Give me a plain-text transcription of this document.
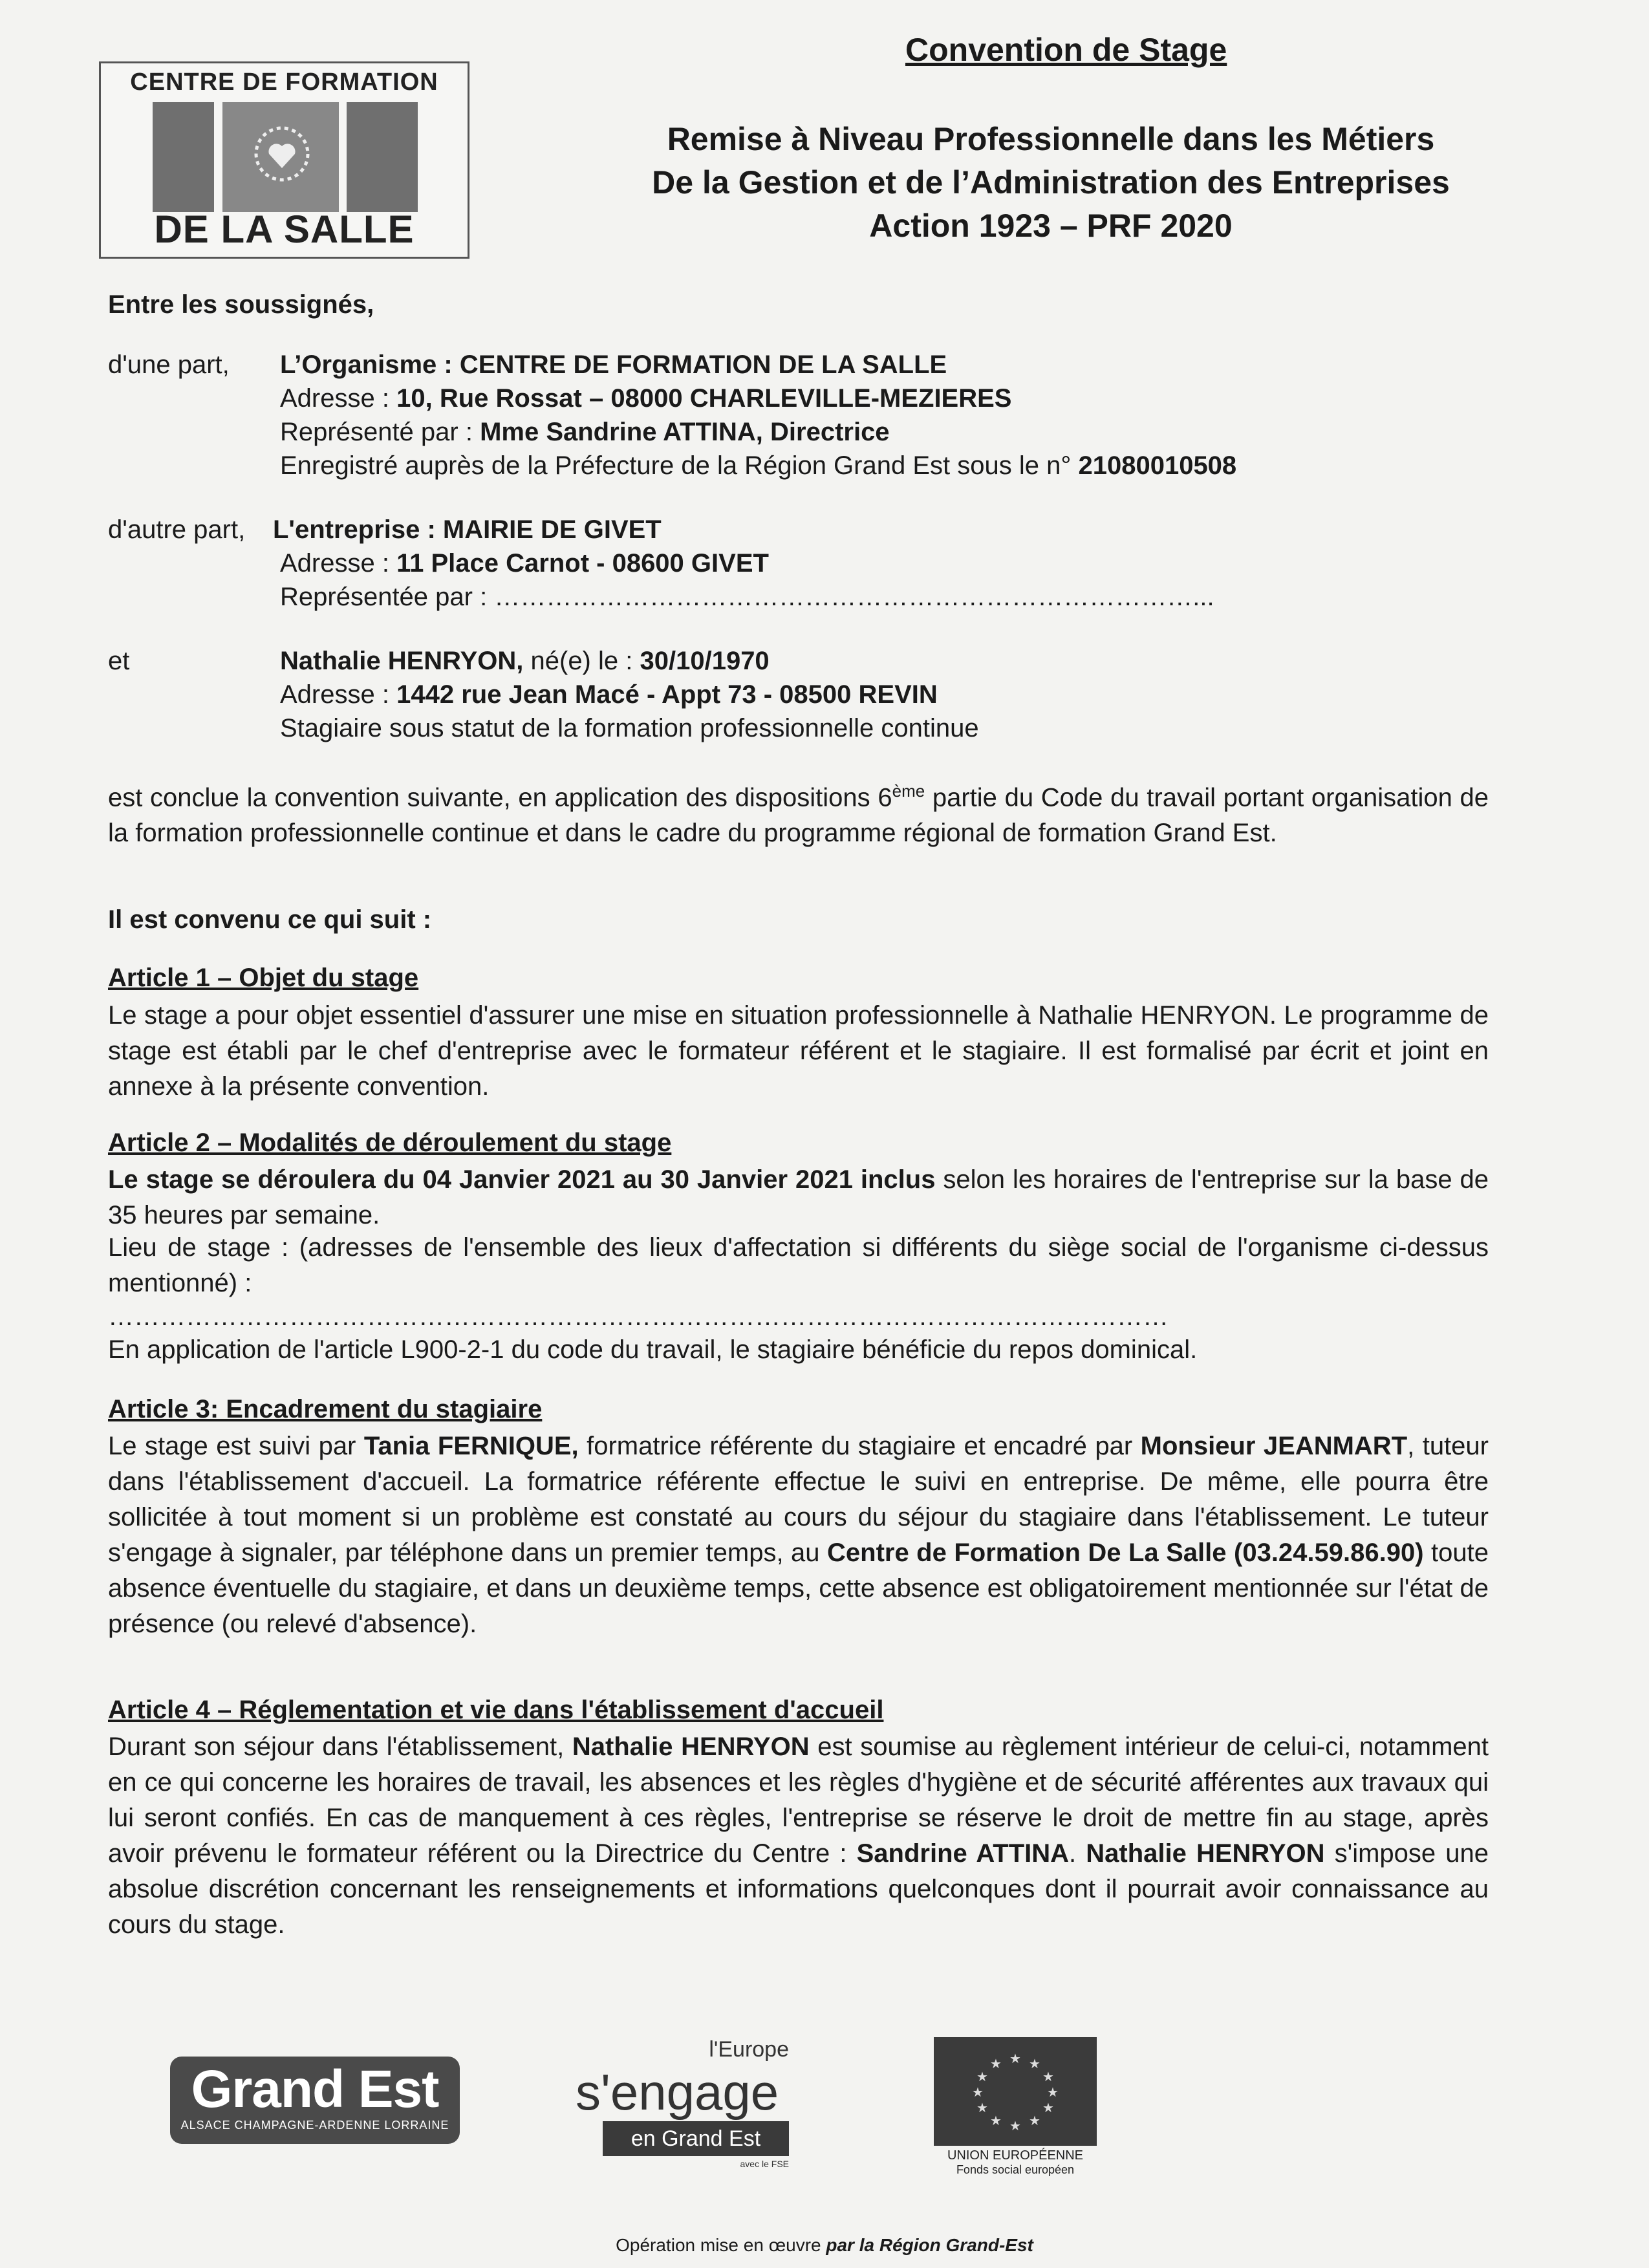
CENTRE DE FORMATION
DE LA SALLE
Convention de Stage
Remise à Niveau Professionnelle dans les Métiers
De la Gestion et de l’Administration des Entreprises
Action 1923 – PRF 2020
Entre les soussignés,
d'une part, L’Organisme : CENTRE DE FORMATION DE LA SALLE
Adresse : 10, Rue Rossat – 08000 CHARLEVILLE-MEZIERES
Représenté par : Mme Sandrine ATTINA, Directrice
Enregistré auprès de la Préfecture de la Région Grand Est sous le n° 21080010508
d'autre part, L'entreprise : MAIRIE DE GIVET
Adresse : 11 Place Carnot - 08600 GIVET
Représentée par : ………………………………………………………………………...
et	Nathalie HENRYON, né(e) le : 30/10/1970
Adresse : 1442 rue Jean Macé - Appt 73 - 08500 REVIN
Stagiaire sous statut de la formation professionnelle continue
est conclue la convention suivante, en application des dispositions 6ème partie du Code du travail portant organisation de la formation professionnelle continue et dans le cadre du programme régional de formation Grand Est.
Il est convenu ce qui suit :
Article 1 – Objet du stage
Le stage a pour objet essentiel d'assurer une mise en situation professionnelle à Nathalie HENRYON. Le programme de stage est établi par le chef d'entreprise avec le formateur référent et le stagiaire. Il est formalisé par écrit et joint en annexe à la présente convention.
Article 2 – Modalités de déroulement du stage
Le stage se déroulera du 04 Janvier 2021 au 30 Janvier 2021 inclus selon les horaires de l'entreprise sur la base de 35 heures par semaine.
Lieu de stage : (adresses de l'ensemble des lieux d'affectation si différents du siège social de l'organisme ci-dessus mentionné) :
……………………………………………………………………………………………………………
En application de l'article L900-2-1 du code du travail, le stagiaire bénéficie du repos dominical.
Article 3: Encadrement du stagiaire
Le stage est suivi par Tania FERNIQUE, formatrice référente du stagiaire et encadré par Monsieur JEANMART, tuteur dans l'établissement d'accueil. La formatrice référente effectue le suivi en entreprise. De même, elle pourra être sollicitée à tout moment si un problème est constaté au cours du séjour du stagiaire dans l'établissement. Le tuteur s'engage à signaler, par téléphone dans un premier temps, au Centre de Formation De La Salle (03.24.59.86.90) toute absence éventuelle du stagiaire, et dans un deuxième temps, cette absence est obligatoirement mentionnée sur l'état de présence (ou relevé d'absence).
Article 4 – Réglementation et vie dans l'établissement d'accueil
Durant son séjour dans l'établissement, Nathalie HENRYON est soumise au règlement intérieur de celui-ci, notamment en ce qui concerne les horaires de travail, les absences et les règles d'hygiène et de sécurité afférentes aux travaux qui lui seront confiés. En cas de manquement à ces règles, l'entreprise se réserve le droit de mettre fin au stage, après avoir prévenu le formateur référent ou la Directrice du Centre : Sandrine ATTINA. Nathalie HENRYON s'impose une absolue discrétion concernant les renseignements et informations quelconques dont il pourrait avoir connaissance au cours du stage.
Grand Est
ALSACE CHAMPAGNE-ARDENNE LORRAINE
l'Europe
s'engage
en Grand Est
avec le FSE
★ ★
★
★
★
★
★
★
★
★
★
★
UNION EUROPÉENNE
Fonds social européen
Opération mise en œuvre par la Région Grand-Est
